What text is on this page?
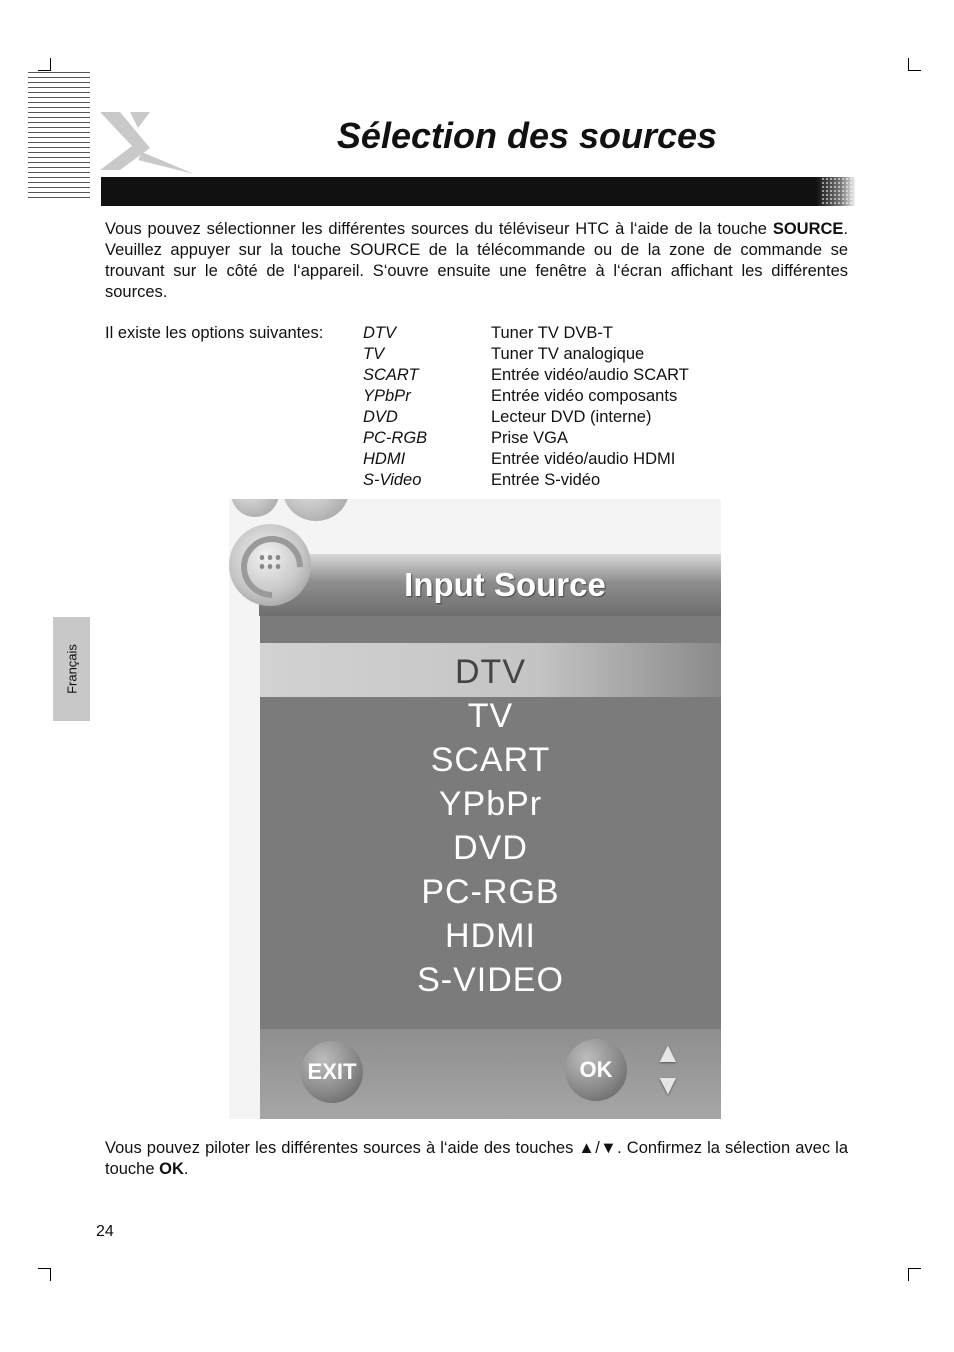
Sélection des sources
Vous pouvez sélectionner les différentes sources du téléviseur HTC à l‘aide de la touche SOURCE. Veuillez appuyer sur la touche SOURCE de la télécommande ou de la zone de commande se trouvant sur le côté de l‘appareil. S‘ouvre ensuite une fenêtre à l‘écran affichant les différentes sources.
Il existe les options suivantes: DTV	Tuner TV DVB-T
TV	Tuner TV analogique
SCART	Entrée vidéo/audio SCART
YPbPr	Entrée vidéo composants
DVD	Lecteur DVD (interne)
PC-RGB	Prise VGA
HDMI	Entrée vidéo/audio HDMI
S-Video	Entrée S-vidéo
Français
Input Source
DTV
TV
SCART
YPbPr
DVD
PC-RGB
HDMI
S-VIDEO
EXIT	OK
▲
▼
Vous pouvez piloter les différentes sources à l‘aide des touches ▲/▼. Confirmez la sélection avec la touche OK.
24
